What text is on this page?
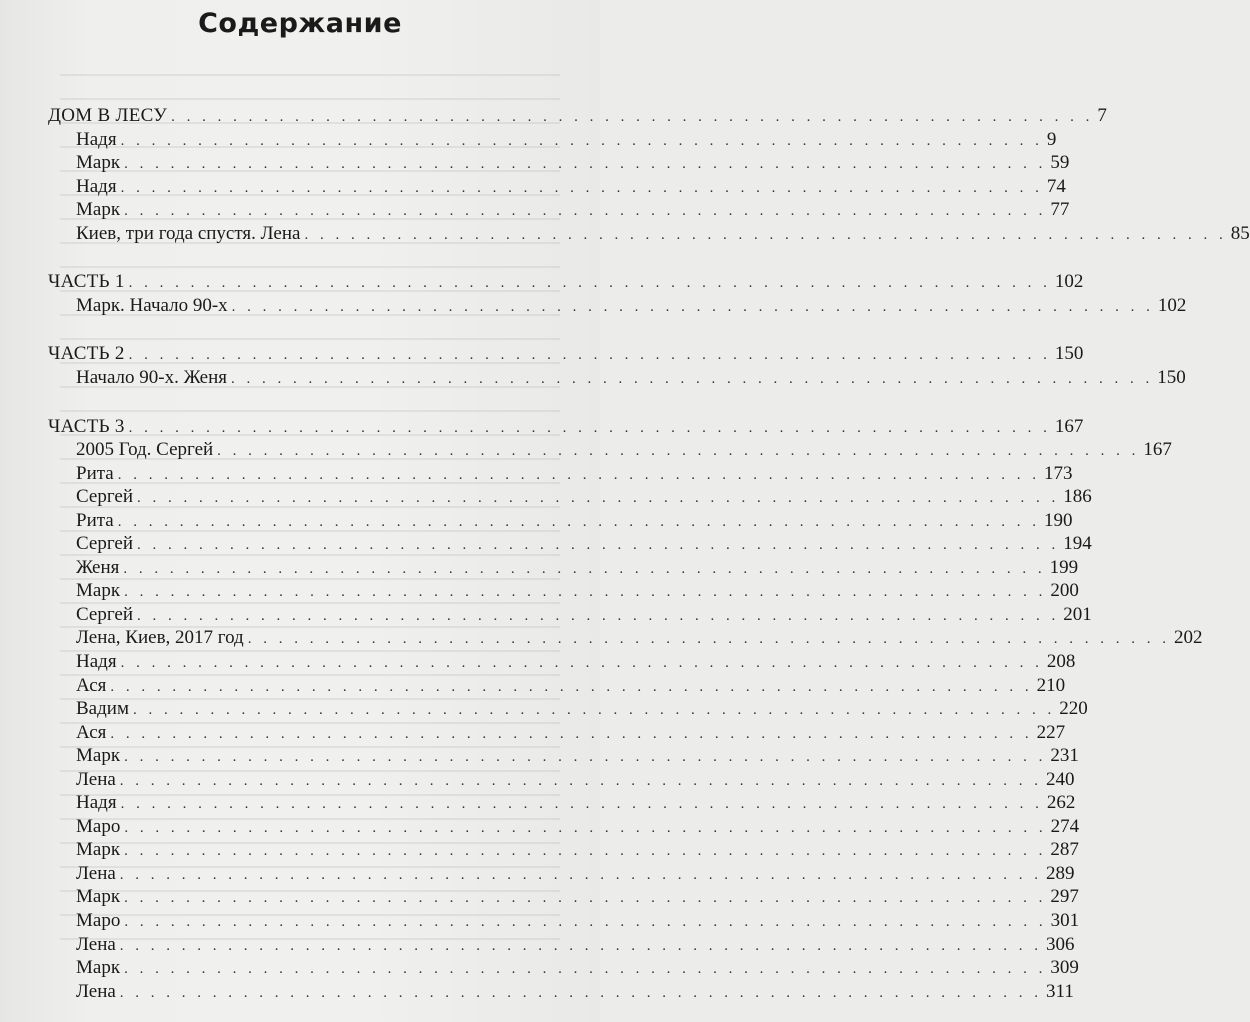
Содержание
ДОМ В ЛЕСУ . . . . . . . . . . . . . . . . . . . . . . . . . . . . . . . . . . . . . . . . . . . . . . . . . . . . . . . . . . . . 7
Надя . . . . . . . . . . . . . . . . . . . . . . . . . . . . . . . . . . . . . . . . . . . . . . . . . . . . . . . . . . . . 9
Марк . . . . . . . . . . . . . . . . . . . . . . . . . . . . . . . . . . . . . . . . . . . . . . . . . . . . . . . . . . . . 59
Надя . . . . . . . . . . . . . . . . . . . . . . . . . . . . . . . . . . . . . . . . . . . . . . . . . . . . . . . . . . . . 74
Марк . . . . . . . . . . . . . . . . . . . . . . . . . . . . . . . . . . . . . . . . . . . . . . . . . . . . . . . . . . . . 77
Киев, три года спустя. Лена . . . . . . . . . . . . . . . . . . . . . . . . . . . . . . . . . . . . . . . . . . . . . . . . . . . . . . . . . . . . 85
ЧАСТЬ 1 . . . . . . . . . . . . . . . . . . . . . . . . . . . . . . . . . . . . . . . . . . . . . . . . . . . . . . . . . . . . 102
Марк. Начало 90-х . . . . . . . . . . . . . . . . . . . . . . . . . . . . . . . . . . . . . . . . . . . . . . . . . . . . . . . . . . . . 102
ЧАСТЬ 2 . . . . . . . . . . . . . . . . . . . . . . . . . . . . . . . . . . . . . . . . . . . . . . . . . . . . . . . . . . . . 150
Начало 90-х. Женя . . . . . . . . . . . . . . . . . . . . . . . . . . . . . . . . . . . . . . . . . . . . . . . . . . . . . . . . . . . . 150
ЧАСТЬ 3 . . . . . . . . . . . . . . . . . . . . . . . . . . . . . . . . . . . . . . . . . . . . . . . . . . . . . . . . . . . . 167
2005 Год. Сергей . . . . . . . . . . . . . . . . . . . . . . . . . . . . . . . . . . . . . . . . . . . . . . . . . . . . . . . . . . . . 167
Рита . . . . . . . . . . . . . . . . . . . . . . . . . . . . . . . . . . . . . . . . . . . . . . . . . . . . . . . . . . . . 173
Сергей . . . . . . . . . . . . . . . . . . . . . . . . . . . . . . . . . . . . . . . . . . . . . . . . . . . . . . . . . . . . 186
Рита . . . . . . . . . . . . . . . . . . . . . . . . . . . . . . . . . . . . . . . . . . . . . . . . . . . . . . . . . . . . 190
Сергей . . . . . . . . . . . . . . . . . . . . . . . . . . . . . . . . . . . . . . . . . . . . . . . . . . . . . . . . . . . . 194
Женя . . . . . . . . . . . . . . . . . . . . . . . . . . . . . . . . . . . . . . . . . . . . . . . . . . . . . . . . . . . . 199
Марк . . . . . . . . . . . . . . . . . . . . . . . . . . . . . . . . . . . . . . . . . . . . . . . . . . . . . . . . . . . . 200
Сергей . . . . . . . . . . . . . . . . . . . . . . . . . . . . . . . . . . . . . . . . . . . . . . . . . . . . . . . . . . . . 201
Лена, Киев, 2017 год . . . . . . . . . . . . . . . . . . . . . . . . . . . . . . . . . . . . . . . . . . . . . . . . . . . . . . . . . . . . 202
Надя . . . . . . . . . . . . . . . . . . . . . . . . . . . . . . . . . . . . . . . . . . . . . . . . . . . . . . . . . . . . 208
Ася . . . . . . . . . . . . . . . . . . . . . . . . . . . . . . . . . . . . . . . . . . . . . . . . . . . . . . . . . . . . 210
Вадим . . . . . . . . . . . . . . . . . . . . . . . . . . . . . . . . . . . . . . . . . . . . . . . . . . . . . . . . . . . . 220
Ася . . . . . . . . . . . . . . . . . . . . . . . . . . . . . . . . . . . . . . . . . . . . . . . . . . . . . . . . . . . . 227
Марк . . . . . . . . . . . . . . . . . . . . . . . . . . . . . . . . . . . . . . . . . . . . . . . . . . . . . . . . . . . . 231
Лена . . . . . . . . . . . . . . . . . . . . . . . . . . . . . . . . . . . . . . . . . . . . . . . . . . . . . . . . . . . . 240
Надя . . . . . . . . . . . . . . . . . . . . . . . . . . . . . . . . . . . . . . . . . . . . . . . . . . . . . . . . . . . . 262
Маро . . . . . . . . . . . . . . . . . . . . . . . . . . . . . . . . . . . . . . . . . . . . . . . . . . . . . . . . . . . . 274
Марк . . . . . . . . . . . . . . . . . . . . . . . . . . . . . . . . . . . . . . . . . . . . . . . . . . . . . . . . . . . . 287
Лена . . . . . . . . . . . . . . . . . . . . . . . . . . . . . . . . . . . . . . . . . . . . . . . . . . . . . . . . . . . . 289
Марк . . . . . . . . . . . . . . . . . . . . . . . . . . . . . . . . . . . . . . . . . . . . . . . . . . . . . . . . . . . . 297
Маро . . . . . . . . . . . . . . . . . . . . . . . . . . . . . . . . . . . . . . . . . . . . . . . . . . . . . . . . . . . . 301
Лена . . . . . . . . . . . . . . . . . . . . . . . . . . . . . . . . . . . . . . . . . . . . . . . . . . . . . . . . . . . . 306
Марк . . . . . . . . . . . . . . . . . . . . . . . . . . . . . . . . . . . . . . . . . . . . . . . . . . . . . . . . . . . . 309
Лена . . . . . . . . . . . . . . . . . . . . . . . . . . . . . . . . . . . . . . . . . . . . . . . . . . . . . . . . . . . . 311
